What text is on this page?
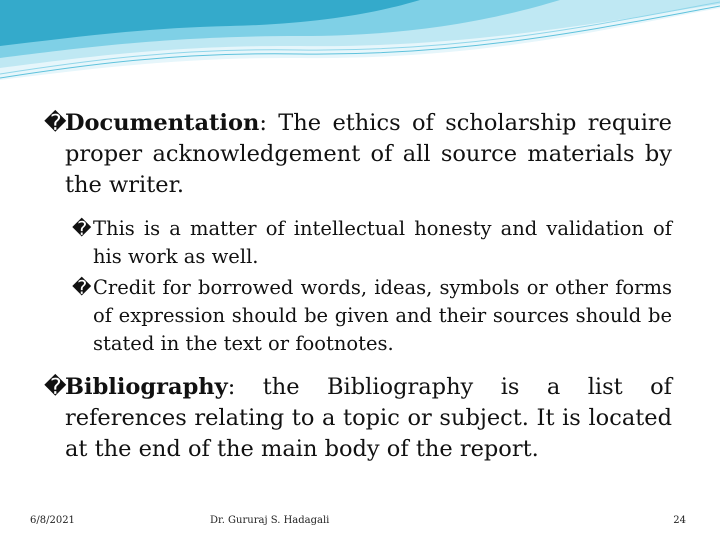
�
Documentation: The ethics of scholarship require proper acknowledgement of all source materials by the writer.
� This is a matter of intellectual honesty and validation of his work as well.
� Credit for borrowed words, ideas, symbols or other forms of expression should be given and their sources should be stated in the text or footnotes.
�
Bibliography: the Bibliography is a list of references relating to a topic or subject. It is located at the end of the main body of the report.
6/8/2021	Dr. Gururaj S. Hadagali	24
